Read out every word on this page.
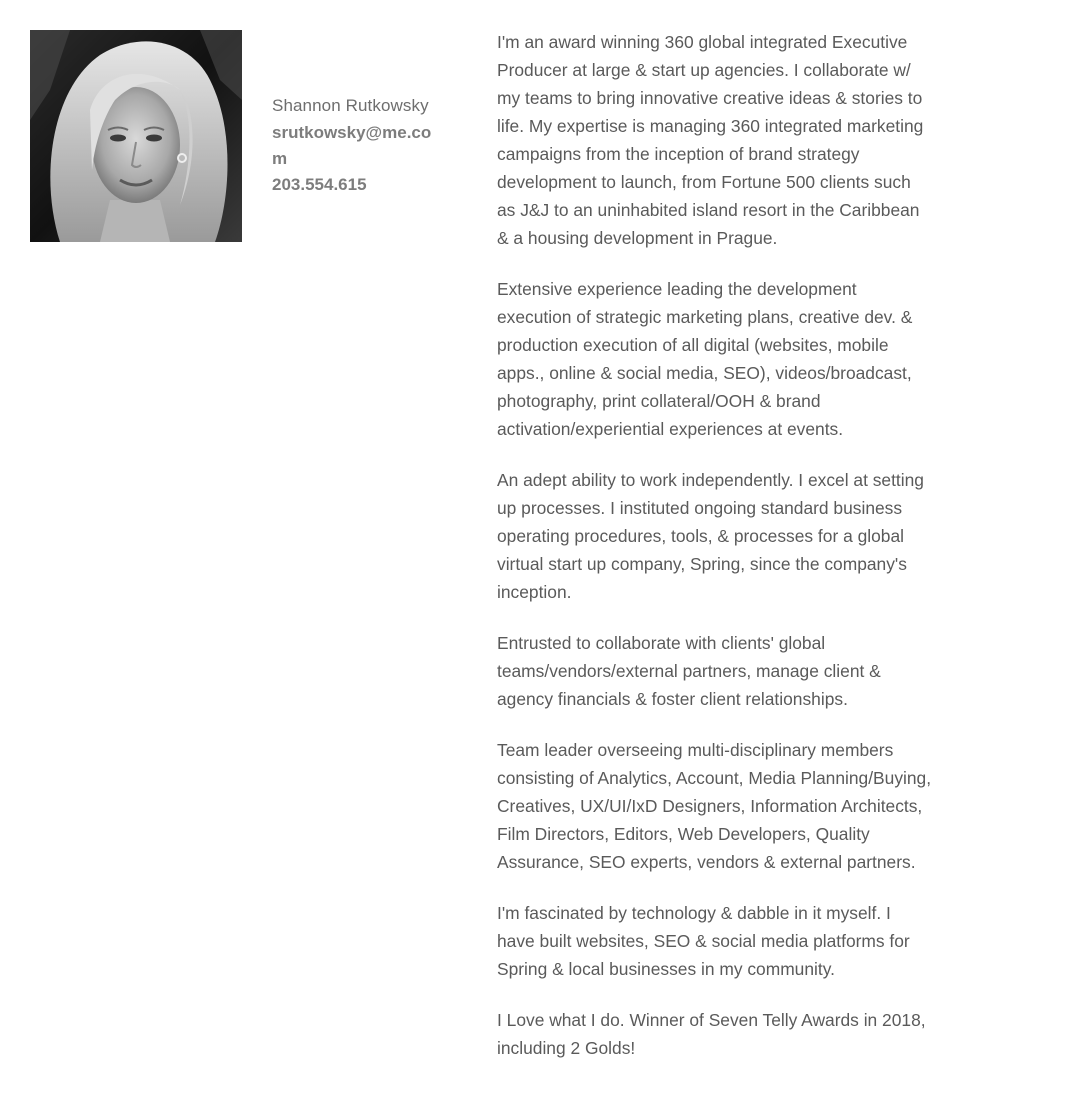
Shannon Rutkowsky
srutkowsky@me.com
203.554.615

I'm an award winning 360 global integrated Executive Producer at large & start up agencies. I collaborate w/ my teams to bring innovative creative ideas & stories to life. My expertise is managing 360 integrated marketing campaigns from the inception of brand strategy development to launch, from Fortune 500 clients such as J&J to an uninhabited island resort in the Caribbean & a housing development in Prague.

Extensive experience leading the development execution of strategic marketing plans, creative dev. & production execution of all digital (websites, mobile apps., online & social media, SEO), videos/broadcast, photography, print collateral/OOH & brand activation/experiential experiences at events.

An adept ability to work independently. I excel at setting up processes. I instituted ongoing standard business operating procedures, tools, & processes for a global virtual start up company, Spring, since the company's inception.

Entrusted to collaborate with clients' global teams/vendors/external partners, manage client & agency financials & foster client relationships.

Team leader overseeing multi-disciplinary members consisting of Analytics, Account, Media Planning/Buying, Creatives, UX/UI/IxD Designers, Information Architects, Film Directors, Editors, Web Developers, Quality Assurance, SEO experts, vendors & external partners.

I'm fascinated by technology & dabble in it myself. I have built websites, SEO & social media platforms for Spring & local businesses in my community.

I Love what I do. Winner of Seven Telly Awards in 2018, including 2 Golds!
